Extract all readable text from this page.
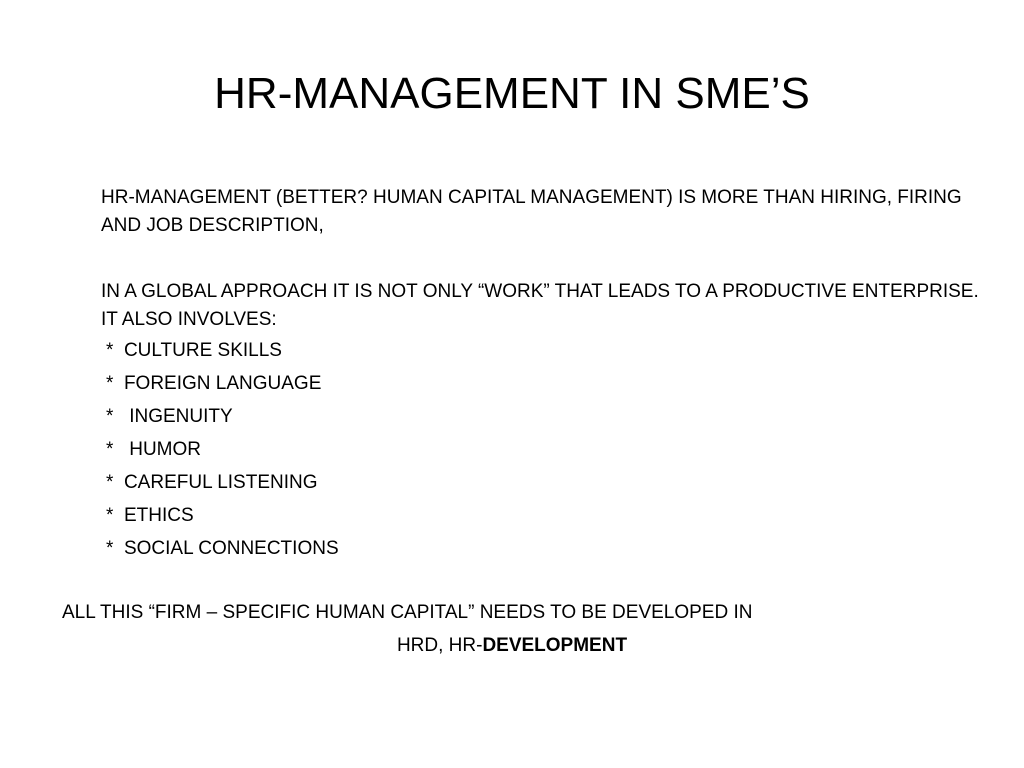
HR-MANAGEMENT IN SME’S
HR-MANAGEMENT (BETTER? HUMAN CAPITAL MANAGEMENT) IS MORE THAN HIRING, FIRING AND JOB DESCRIPTION,
IN A GLOBAL APPROACH IT IS NOT ONLY “WORK” THAT LEADS TO A PRODUCTIVE ENTERPRISE. IT ALSO INVOLVES:
*  CULTURE SKILLS
*  FOREIGN LANGUAGE
*   INGENUITY
*   HUMOR
*  CAREFUL LISTENING
*  ETHICS
*  SOCIAL CONNECTIONS
ALL THIS “FIRM – SPECIFIC HUMAN CAPITAL” NEEDS TO BE DEVELOPED IN
HRD, HR-DEVELOPMENT
